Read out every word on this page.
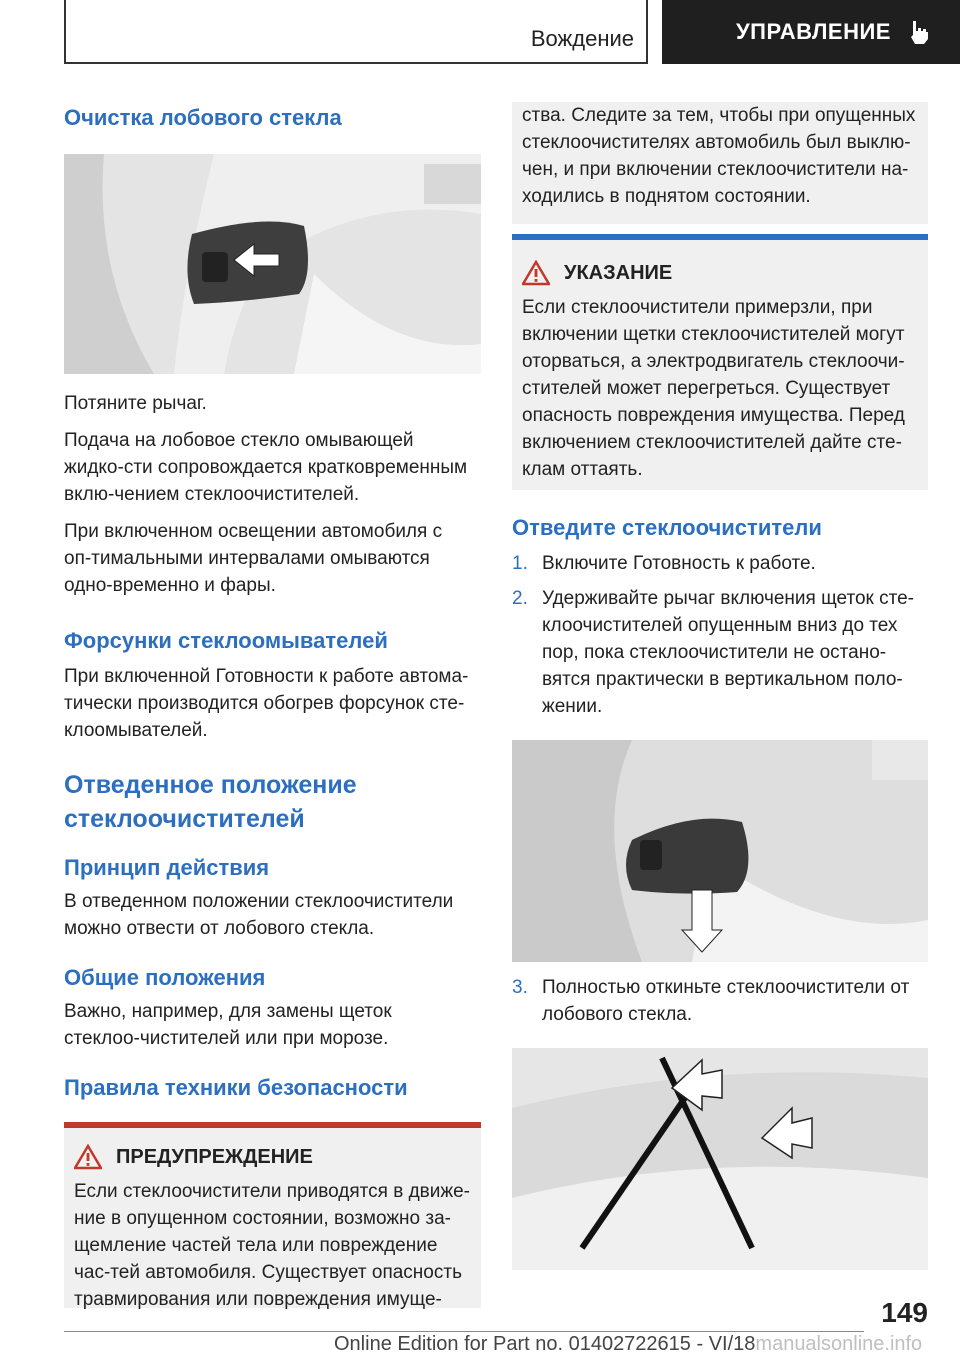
Вождение	УПРАВЛЕНИЕ
Очистка лобового стекла

Потяните рычаг.

Подача на лобовое стекло омывающей жидко-сти сопровождается кратковременным вклю-чением стеклоочистителей.

При включенном освещении автомобиля с оп-тимальными интервалами омываются одно-временно и фары.

Форсунки стеклоомывателей

При включенной Готовности к работе автома-тически производится обогрев форсунок сте-клоомывателей.

Отведенное положение стеклоочистителей
Принцип действия

В отведенном положении стеклоочистители можно отвести от лобового стекла.

Общие положения

Важно, например, для замены щеток стеклоо-чистителей или при морозе.

Правила техники безопасности
ПРЕДУПРЕЖДЕНИЕ

Если стеклоочистители приводятся в движе-ние в опущенном состоянии, возможно за-щемление частей тела или повреждение час-тей автомобиля. Существует опасность травмирования или повреждения имуще-

ства. Следите за тем, чтобы при опущенных стеклоочистителях автомобиль был выклю-чен, и при включении стеклоочистители на-ходились в поднятом состоянии.

УКАЗАНИЕ

Если стеклоочистители примерзли, при включении щетки стеклоочистителей могут оторваться, а электродвигатель стеклоочи-стителей может перегреться. Существует опасность повреждения имущества. Перед включением стеклоочистителей дайте сте-клам оттаять.

Отведите стеклоочистители
1. Включите Готовность к работе.
2. Удерживайте рычаг включения щеток сте-клоочистителей опущенным вниз до тех пор, пока стеклоочистители не остано-вятся практически в вертикальном поло-жении.
3. Полностью откиньте стеклоочистители от лобового стекла.
149
Online Edition for Part no. 01402722615 - VI/18manualsonline.info
